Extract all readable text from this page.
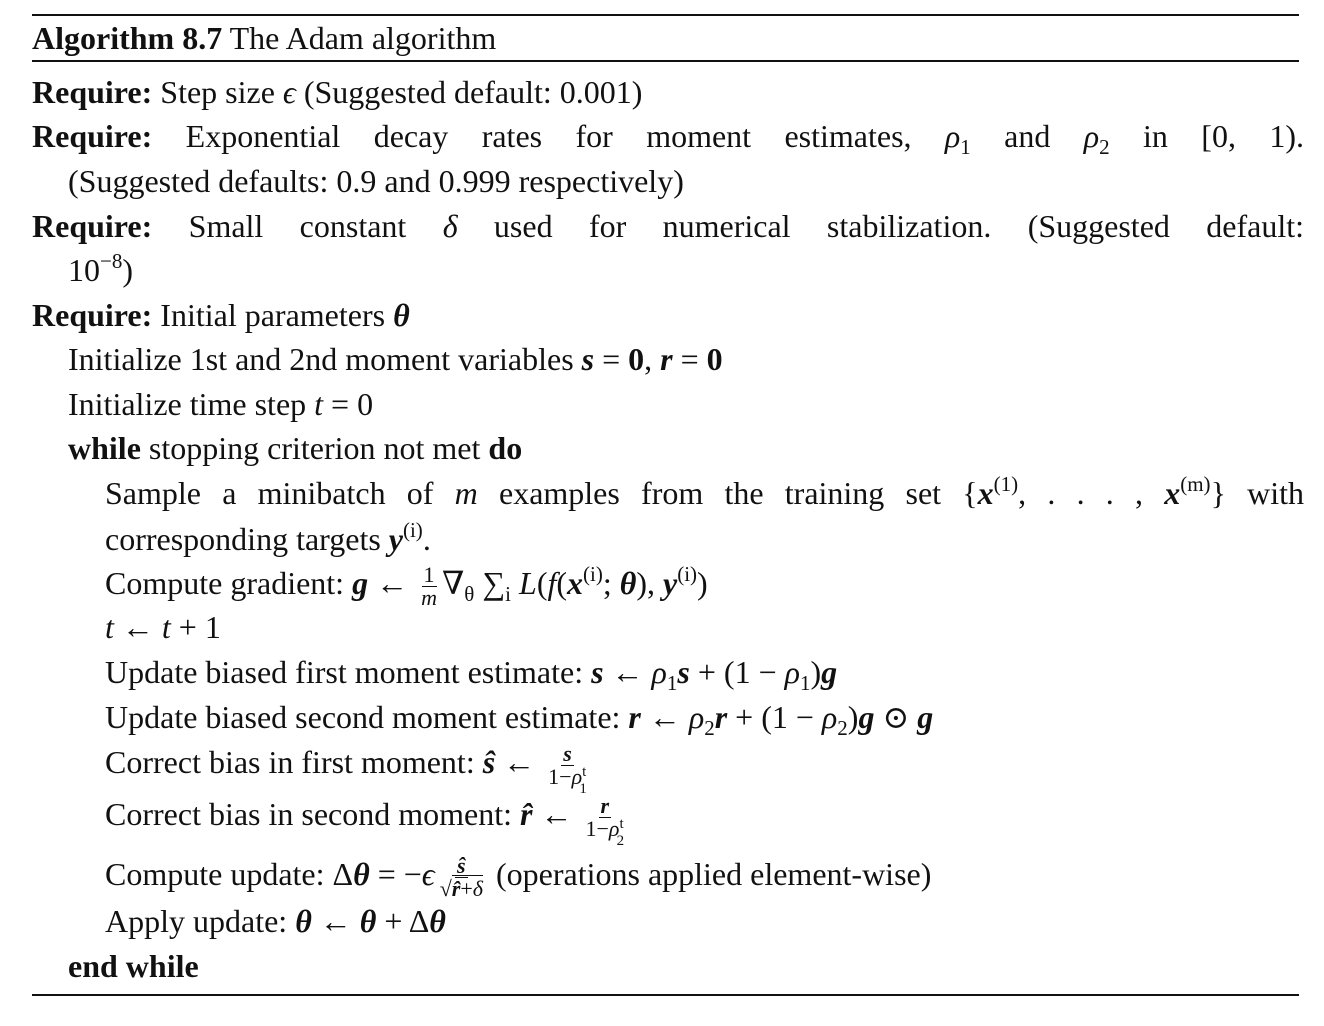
Algorithm 8.7 The Adam algorithm
Require: Step size ϵ (Suggested default: 0.001)
Require: Exponential decay rates for moment estimates, $\rho_1$ and $\rho_2$ in [0, 1).
(Suggested defaults: 0.9 and 0.999 respectively)
Require: Small constant δ used for numerical stabilization. (Suggested default:
$10^{-8}$)
Require: Initial parameters θ
Initialize 1st and 2nd moment variables s = 0, r = 0
Initialize time step t = 0
while stopping criterion not met do
Sample a minibatch of m examples from the training set {$x^{(1)}$, . . . , $x^{(m)}$} with
corresponding targets $y^{(i)}$.
Compute gradient: g ← $\frac{1}{m} \nabla_\theta$ $\sum_i$ $L(f(x^{(i)}$; θ), $y^{(i)}$)
t ← t + 1
Update biased first moment estimate: s ← $\rho_1s + (1 - \rho_1)g$
Update biased second moment estimate: r ← $\rho_2r + (1 - \rho_2)g$ ⊙ g
Correct bias in first moment: ŝ ← $\frac{s}{1-\rho^t_1}$
Correct bias in second moment: r̂ ← $\frac{r}{1-\rho^t_2}$
Compute update: $\Delta\theta = -\epsilon \frac{ŝ}{√r̂+\delta}$ (operations applied element-wise)
Apply update: θ ← θ + Δθ
end while
